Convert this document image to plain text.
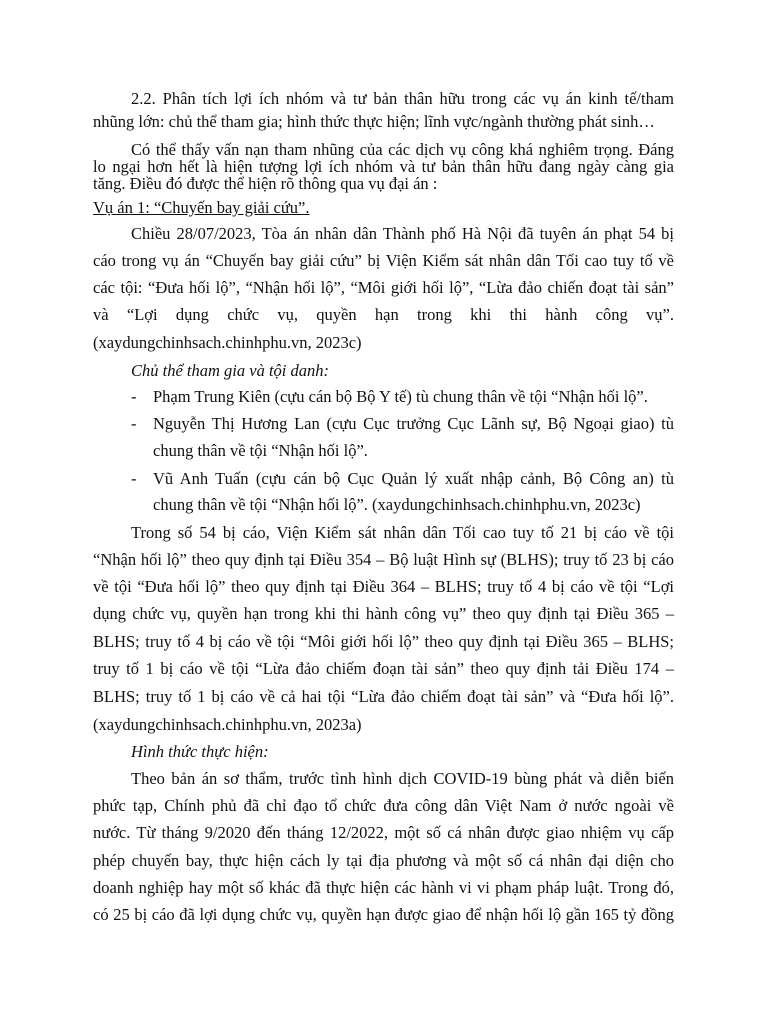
2.2. Phân tích lợi ích nhóm và tư bản thân hữu trong các vụ án kinh tế/tham
nhũng lớn: chủ thể tham gia; hình thức thực hiện; lĩnh vực/ngành thường phát sinh…
Có thể thấy vấn nạn tham nhũng của các dịch vụ công khá nghiêm trọng. Đáng
lo ngại hơn hết là hiện tượng lợi ích nhóm và tư bản thân hữu đang ngày càng gia
tăng. Điều đó được thể hiện rõ thông qua vụ đại án :
Vụ án 1: “Chuyến bay giải cứu”.
Chiều 28/07/2023, Tòa án nhân dân Thành phố Hà Nội đã tuyên án phạt 54 bị
cáo trong vụ án “Chuyến bay giải cứu” bị Viện Kiểm sát nhân dân Tối cao tuy tố về
các tội: “Đưa hối lộ”, “Nhận hối lộ”, “Môi giới hối lộ”, “Lừa đảo chiến đoạt tài sản”
và “Lợi dụng chức vụ, quyền hạn trong khi thi hành công vụ”.
(xaydungchinhsach.chinhphu.vn, 2023c)
Chủ thể tham gia và tội danh:
- Phạm Trung Kiên (cựu cán bộ Bộ Y tế) tù chung thân về tội “Nhận hối lộ”.
- Nguyễn Thị Hương Lan (cựu Cục trưởng Cục Lãnh sự, Bộ Ngoại giao) tù
chung thân về tội “Nhận hối lộ”.
- Vũ Anh Tuấn (cựu cán bộ Cục Quản lý xuất nhập cảnh, Bộ Công an) tù
chung thân về tội “Nhận hối lộ”. (xaydungchinhsach.chinhphu.vn, 2023c)
Trong số 54 bị cáo, Viện Kiểm sát nhân dân Tối cao tuy tố 21 bị cáo về tội
“Nhận hối lộ” theo quy định tại Điều 354 – Bộ luật Hình sự (BLHS); truy tố 23 bị cáo
về tội “Đưa hối lộ” theo quy định tại Điều 364 – BLHS; truy tố 4 bị cáo về tội “Lợi
dụng chức vụ, quyền hạn trong khi thi hành công vụ” theo quy định tại Điều 365 –
BLHS; truy tố 4 bị cáo về tội “Môi giới hối lộ” theo quy định tại Điều 365 – BLHS;
truy tố 1 bị cáo về tội “Lừa đảo chiếm đoạn tài sản” theo quy định tải Điều 174 –
BLHS; truy tố 1 bị cáo về cả hai tội “Lừa đảo chiếm đoạt tài sản” và “Đưa hối lộ”.
(xaydungchinhsach.chinhphu.vn, 2023a)
Hình thức thực hiện:
Theo bản án sơ thẩm, trước tình hình dịch COVID-19 bùng phát và diễn biến
phức tạp, Chính phủ đã chỉ đạo tổ chức đưa công dân Việt Nam ở nước ngoài về
nước. Từ tháng 9/2020 đến tháng 12/2022, một số cá nhân được giao nhiệm vụ cấp
phép chuyến bay, thực hiện cách ly tại địa phương và một số cá nhân đại diện cho
doanh nghiệp hay một số khác đã thực hiện các hành vi vi phạm pháp luật. Trong đó,
có 25 bị cáo đã lợi dụng chức vụ, quyền hạn được giao để nhận hối lộ gần 165 tỷ đồng
